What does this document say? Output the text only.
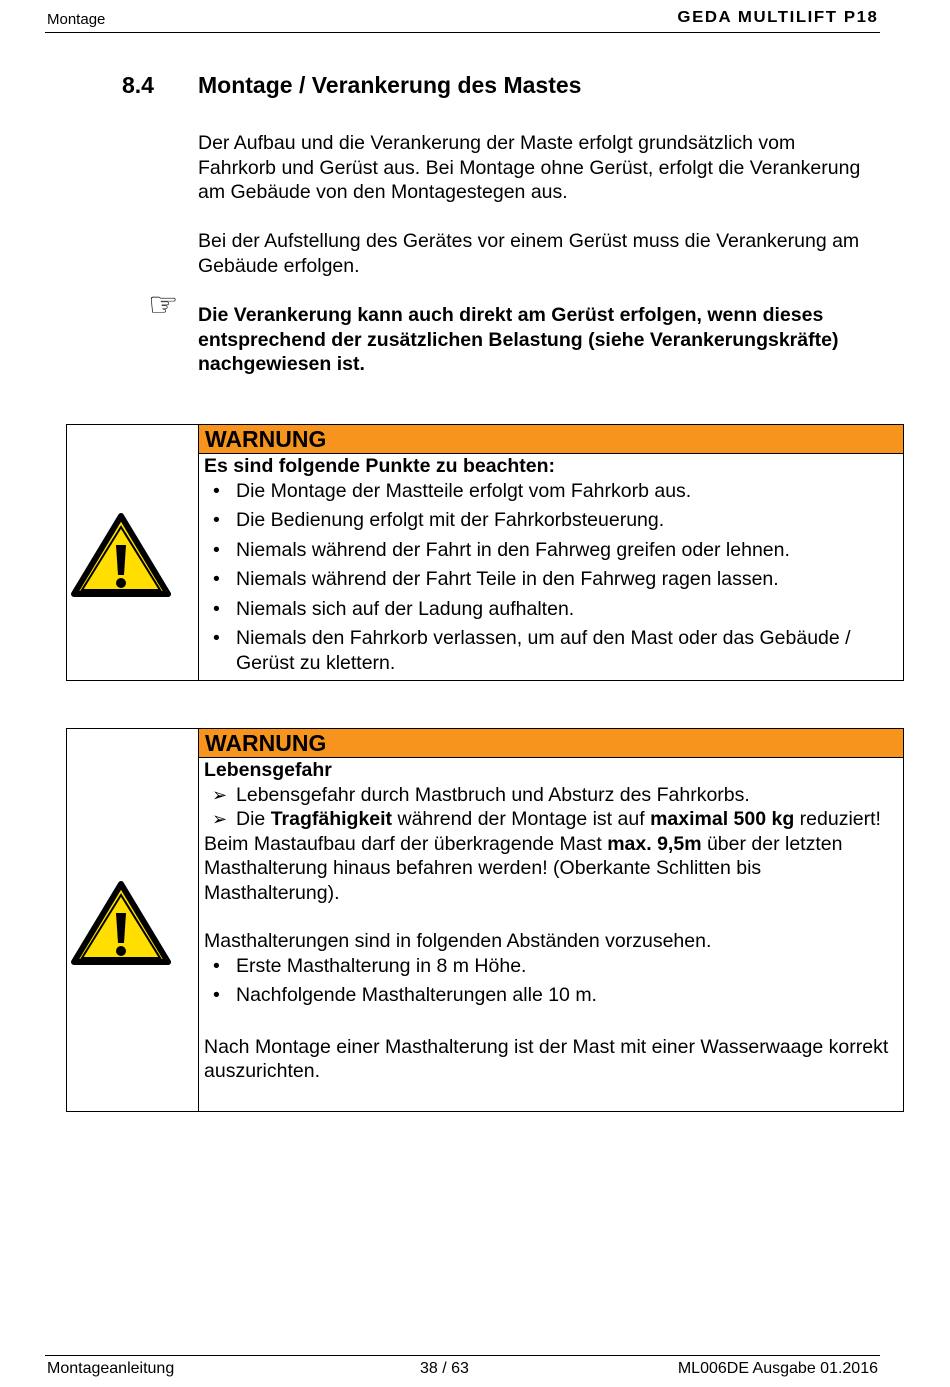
Montage	GEDA MULTILIFT P18
8.4 Montage / Verankerung des Mastes
Der Aufbau und die Verankerung der Maste erfolgt grundsätzlich vom Fahrkorb und Gerüst aus. Bei Montage ohne Gerüst, erfolgt die Verankerung am Gebäude von den Montagestegen aus.
Bei der Aufstellung des Gerätes vor einem Gerüst muss die Verankerung am Gebäude erfolgen.
☞ Die Verankerung kann auch direkt am Gerüst erfolgen, wenn dieses entsprechend der zusätzlichen Belastung (siehe Verankerungskräfte) nachgewiesen ist.
WARNUNG
Es sind folgende Punkte zu beachten:
• Die Montage der Mastteile erfolgt vom Fahrkorb aus.
• Die Bedienung erfolgt mit der Fahrkorbsteuerung.
• Niemals während der Fahrt in den Fahrweg greifen oder lehnen.
• Niemals während der Fahrt Teile in den Fahrweg ragen lassen.
• Niemals sich auf der Ladung aufhalten.
• Niemals den Fahrkorb verlassen, um auf den Mast oder das Gebäude / Gerüst zu klettern.
WARNUNG
Lebensgefahr
➢ Lebensgefahr durch Mastbruch und Absturz des Fahrkorbs.
➢ Die Tragfähigkeit während der Montage ist auf maximal 500 kg reduziert!
Beim Mastaufbau darf der überkragende Mast max. 9,5m über der letzten Masthalterung hinaus befahren werden! (Oberkante Schlitten bis Masthalterung).
Masthalterungen sind in folgenden Abständen vorzusehen.
• Erste Masthalterung in 8 m Höhe.
• Nachfolgende Masthalterungen alle 10 m.
Nach Montage einer Masthalterung ist der Mast mit einer Wasserwaage korrekt auszurichten.
Montageanleitung	38 / 63	ML006DE Ausgabe 01.2016
